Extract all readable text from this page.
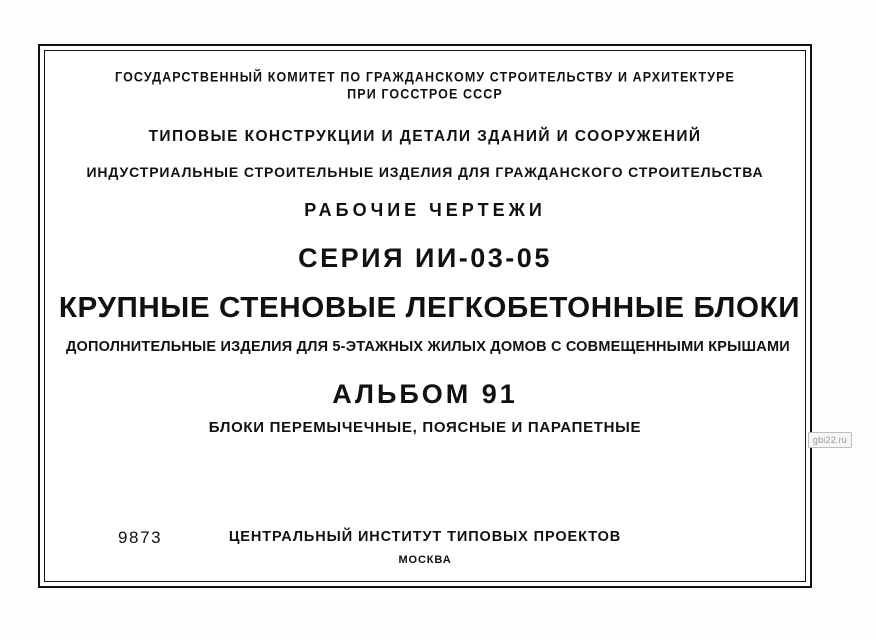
ГОСУДАРСТВЕННЫЙ КОМИТЕТ ПО ГРАЖДАНСКОМУ СТРОИТЕЛЬСТВУ И АРХИТЕКТУРЕ
ПРИ ГОССТРОЕ СССР
ТИПОВЫЕ КОНСТРУКЦИИ И ДЕТАЛИ ЗДАНИЙ И СООРУЖЕНИЙ
ИНДУСТРИАЛЬНЫЕ СТРОИТЕЛЬНЫЕ ИЗДЕЛИЯ ДЛЯ ГРАЖДАНСКОГО СТРОИТЕЛЬСТВА
РАБОЧИЕ ЧЕРТЕЖИ
СЕРИЯ ИИ-03-05
КРУПНЫЕ СТЕНОВЫЕ ЛЕГКОБЕТОННЫЕ БЛОКИ
ДОПОЛНИТЕЛЬНЫЕ ИЗДЕЛИЯ ДЛЯ 5-ЭТАЖНЫХ ЖИЛЫХ ДОМОВ С СОВМЕЩЕННЫМИ КРЫШАМИ
АЛЬБОМ 91
БЛОКИ ПЕРЕМЫЧЕЧНЫЕ, ПОЯСНЫЕ И ПАРАПЕТНЫЕ
ЦЕНТРАЛЬНЫЙ ИНСТИТУТ ТИПОВЫХ ПРОЕКТОВ
МОСКВА
9873
gbi22.ru
